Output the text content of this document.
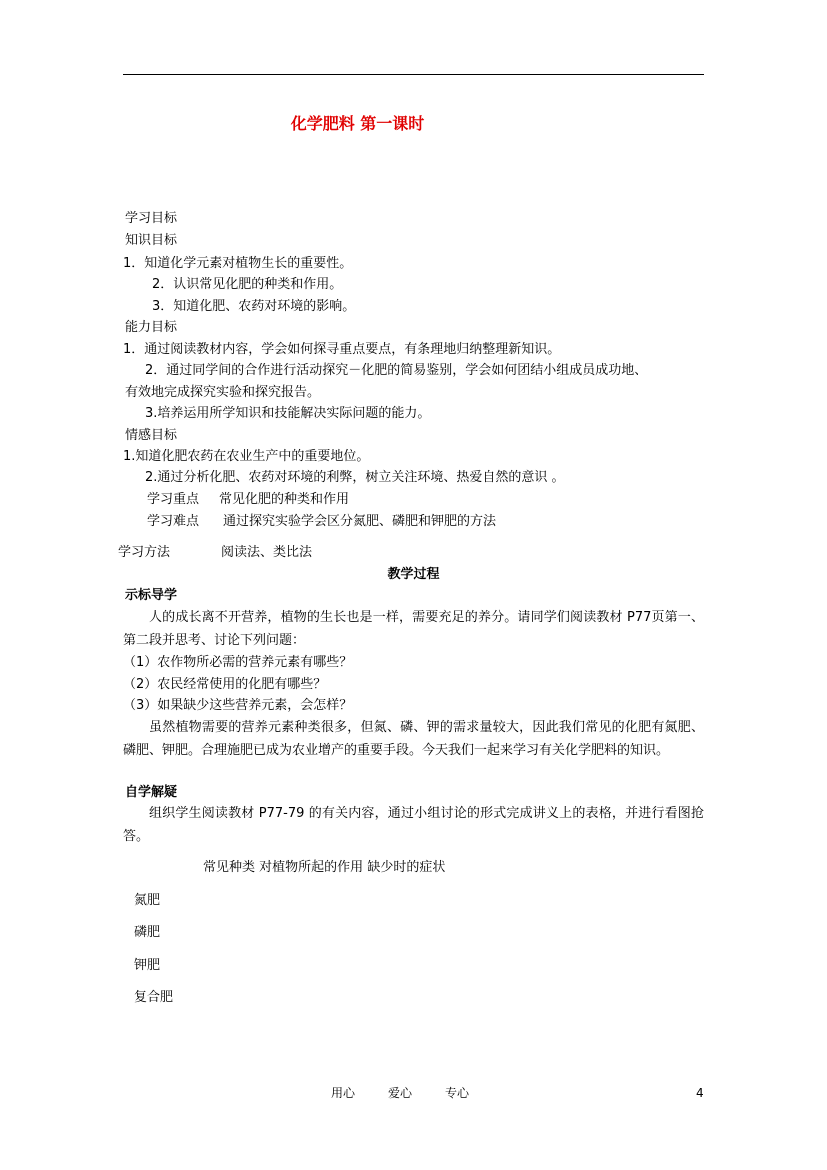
化学肥料 第一课时
学习目标
知识目标
1．知道化学元素对植物生长的重要性。
2．认识常见化肥的种类和作用。
3．知道化肥、农药对环境的影响。
能力目标
1．通过阅读教材内容，学会如何探寻重点要点，有条理地归纳整理新知识。
2．通过同学间的合作进行活动探究－化肥的简易鉴别，学会如何团结小组成员成功地、
有效地完成探究实验和探究报告。
3.培养运用所学知识和技能解决实际问题的能力。
情感目标
1.知道化肥农药在农业生产中的重要地位。
2.通过分析化肥、农药对环境的利弊，树立关注环境、热爱自然的意识 。
学习重点 常见化肥的种类和作用
学习难点 通过探究实验学会区分氮肥、磷肥和钾肥的方法
学习方法	阅读法、类比法
教学过程
示标导学
人的成长离不开营养，植物的生长也是一样，需要充足的养分。请同学们阅读教材 P77页第一、第二段并思考、讨论下列问题：
（1）农作物所必需的营养元素有哪些？
（2）农民经常使用的化肥有哪些？
（3）如果缺少这些营养元素，会怎样？
虽然植物需要的营养元素种类很多，但氮、磷、钾的需求量较大，因此我们常见的化肥有氮肥、磷肥、钾肥。合理施肥已成为农业增产的重要手段。今天我们一起来学习有关化学肥料的知识。
自学解疑
组织学生阅读教材 P77-79 的有关内容，通过小组讨论的形式完成讲义上的表格，并进行看图抢答。
常见种类 对植物所起的作用 缺少时的症状
氮肥
磷肥
钾肥
复合肥
用心	爱心	专心	4
